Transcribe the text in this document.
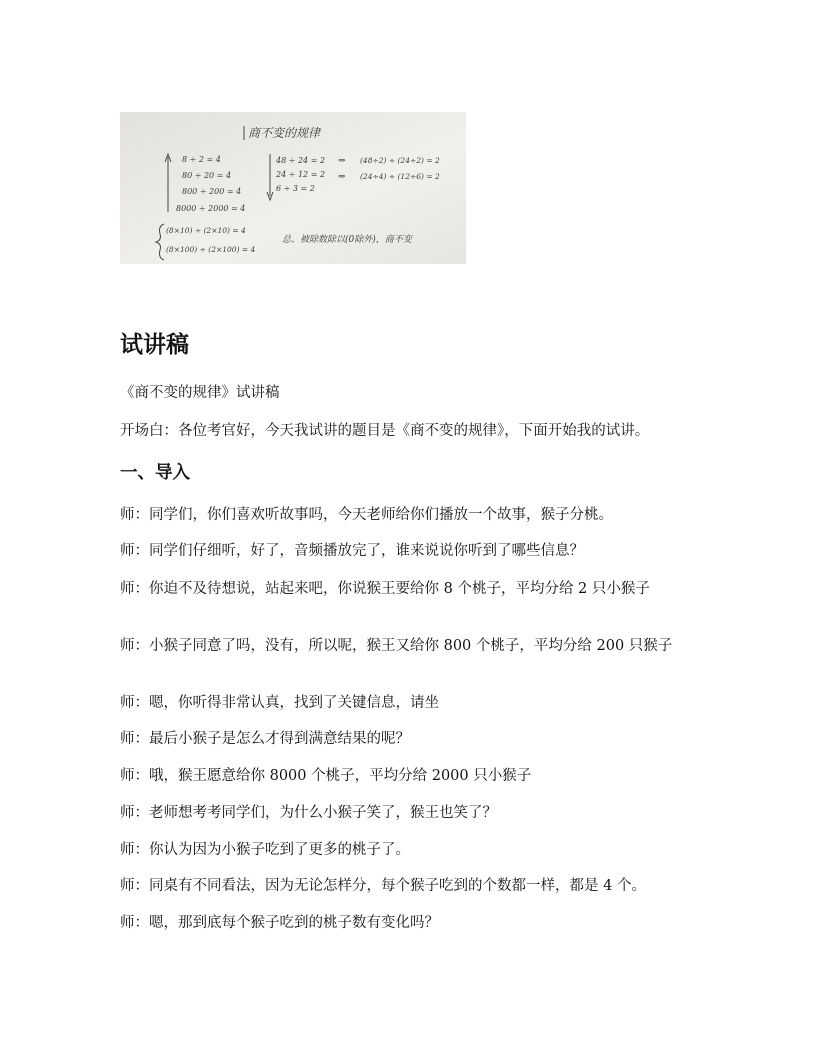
商不变的规律
8 ÷ 2 = 4
80 ÷ 20 = 4
800 ÷ 200 = 4
8000 ÷ 2000 = 4
(8×10) ÷ (2×10) = 4
(8×100) ÷ (2×100) = 4
48 ÷ 24 = 2
24 ÷ 12 = 2
6 ÷ 3 = 2
⇒
⇒
(48÷2) ÷ (24÷2) = 2
(24÷4) ÷ (12÷6) = 2
总、被除数除以(0除外)，商不变
试讲稿

《商不变的规律》试讲稿

开场白：各位考官好，今天我试讲的题目是《商不变的规律》，下面开始我的试讲。

一、导入

师：同学们，你们喜欢听故事吗，今天老师给你们播放一个故事，猴子分桃。

师：同学们仔细听，好了，音频播放完了，谁来说说你听到了哪些信息？

师：你迫不及待想说，站起来吧，你说猴王要给你 8 个桃子，平均分给 2 只小猴子

师：小猴子同意了吗，没有，所以呢，猴王又给你 800 个桃子，平均分给 200 只猴子

师：嗯，你听得非常认真，找到了关键信息，请坐

师：最后小猴子是怎么才得到满意结果的呢？

师：哦，猴王愿意给你 8000 个桃子，平均分给 2000 只小猴子

师：老师想考考同学们，为什么小猴子笑了，猴王也笑了？

师：你认为因为小猴子吃到了更多的桃子了。

师：同桌有不同看法，因为无论怎样分，每个猴子吃到的个数都一样，都是 4 个。

师：嗯，那到底每个猴子吃到的桃子数有变化吗？
